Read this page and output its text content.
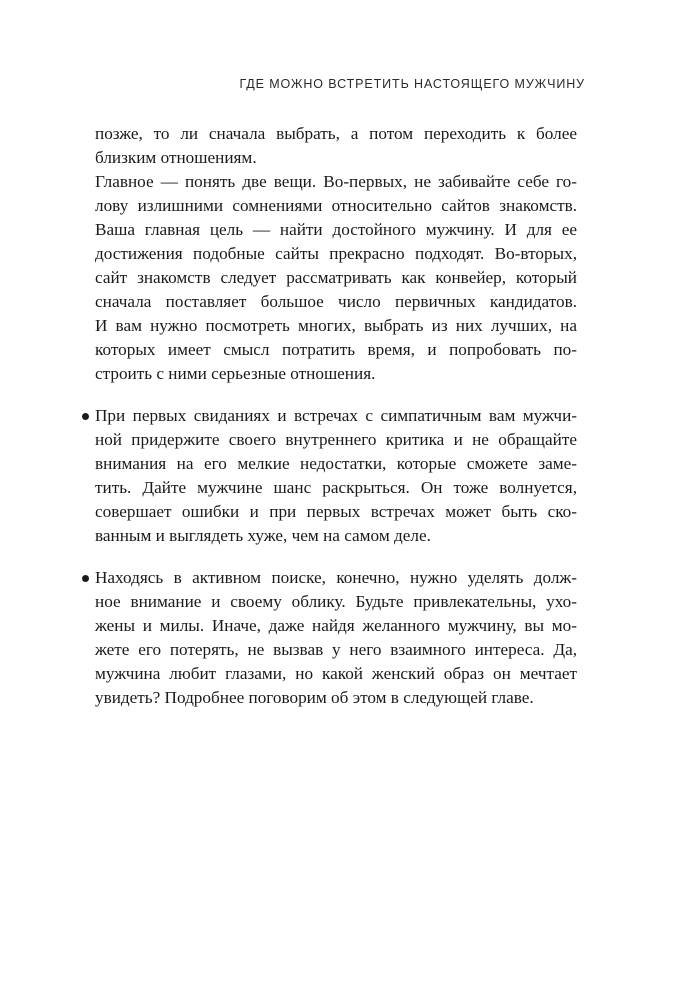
ГДЕ МОЖНО ВСТРЕТИТЬ НАСТОЯЩЕГО МУЖЧИНУ
позже, то ли сначала выбрать, а потом переходить к более
близким отношениям.
Главное — понять две вещи. Во-первых, не забивайте себе го-
лову излишними сомнениями относительно сайтов знакомств.
Ваша главная цель — найти достойного мужчину. И для ее
достижения подобные сайты прекрасно подходят. Во-вторых,
сайт знакомств следует рассматривать как конвейер, который
сначала поставляет большое число первичных кандидатов.
И вам нужно посмотреть многих, выбрать из них лучших, на
которых имеет смысл потратить время, и попробовать по-
строить с ними серьезные отношения.
При первых свиданиях и встречах с симпатичным вам мужчи-
ной придержите своего внутреннего критика и не обращайте
внимания на его мелкие недостатки, которые сможете заме-
тить. Дайте мужчине шанс раскрыться. Он тоже волнуется,
совершает ошибки и при первых встречах может быть ско-
ванным и выглядеть хуже, чем на самом деле.
Находясь в активном поиске, конечно, нужно уделять долж-
ное внимание и своему облику. Будьте привлекательны, ухо-
жены и милы. Иначе, даже найдя желанного мужчину, вы мо-
жете его потерять, не вызвав у него взаимного интереса. Да,
мужчина любит глазами, но какой женский образ он мечтает
увидеть? Подробнее поговорим об этом в следующей главе.
